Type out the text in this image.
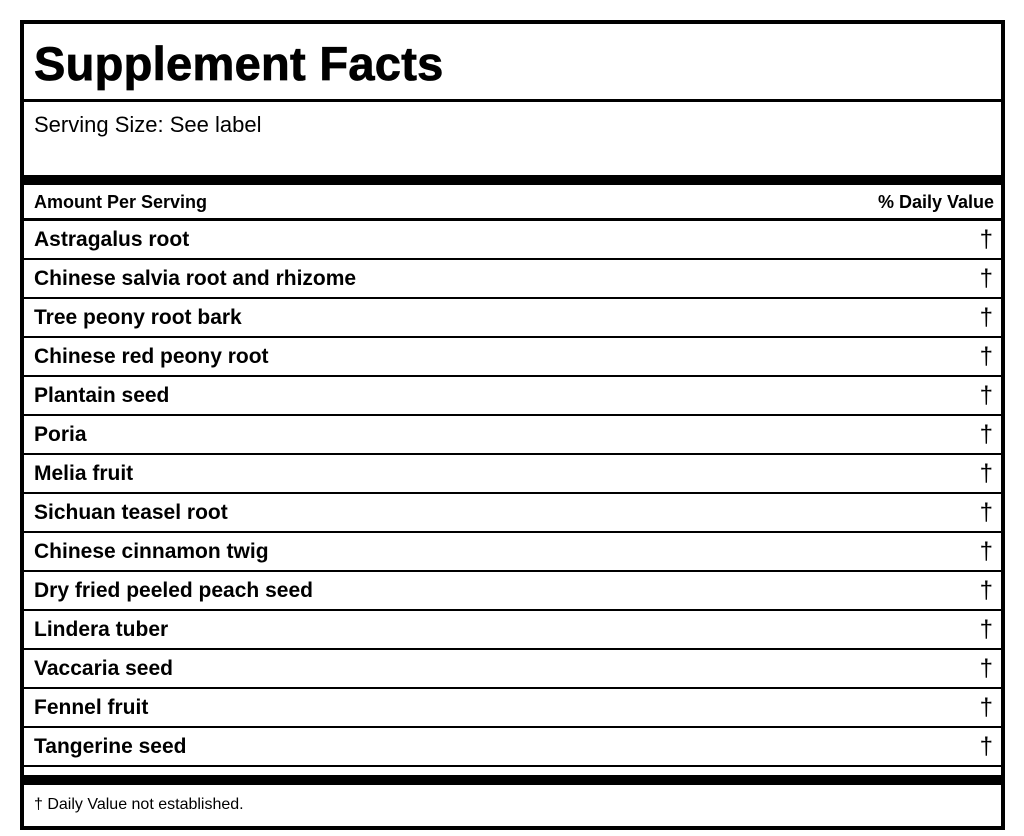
Supplement Facts
Serving Size: See label
Amount Per Serving	% Daily Value
Astragalus root	†
Chinese salvia root and rhizome	†
Tree peony root bark	†
Chinese red peony root	†
Plantain seed	†
Poria	†
Melia fruit	†
Sichuan teasel root	†
Chinese cinnamon twig	†
Dry fried peeled peach seed	†
Lindera tuber	†
Vaccaria seed	†
Fennel fruit	†
Tangerine seed	†
† Daily Value not established.
